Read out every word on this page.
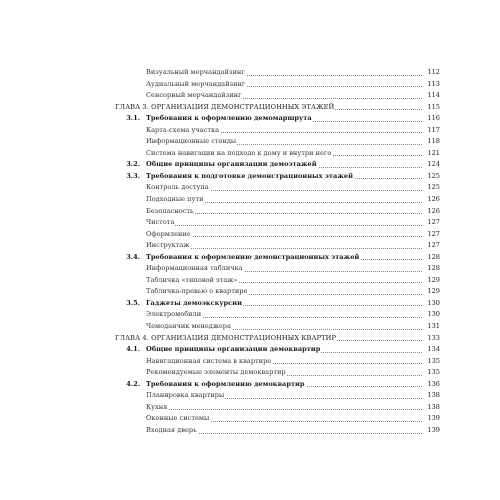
Визуальный мерчандайзинг	112
Аудиальный мерчандайзинг	113
Сенсорный мерчандайзинг	114
ГЛАВА 3. ОРГАНИЗАЦИЯ ДЕМОНСТРАЦИОННЫХ ЭТАЖЕЙ	115
3.1. Требования к оформлению демомаршрута	116
Карта-схема участка	117
Информационные стенды	118
Система навигации на подходе к дому и внутри него	121
3.2. Общие принципы организации демоэтажей	124
3.3. Требования к подготовке демонстрационных этажей	125
Контроль доступа	125
Подходные пути	126
Безопасность	126
Чистота	127
Оформление	127
Инструктаж	127
3.4. Требования к оформлению демонстрационных этажей	128
Информационная табличка	128
Табличка «типовой этаж»	129
Табличка-превью о квартире	129
3.5. Гаджеты демоэкскурсии	130
Электромобили	130
Чемоданчик менеджера	131
ГЛАВА 4. ОРГАНИЗАЦИЯ ДЕМОНСТРАЦИОННЫХ КВАРТИР	133
4.1. Общие принципы организации демоквартир	134
Навигационная система в квартире	135
Рекомендуемые элементы демоквартир	135
4.2. Требования к оформлению демоквартир	136
Планировка квартиры	138
Кухня	138
Оконные системы	139
Входная дверь	139
